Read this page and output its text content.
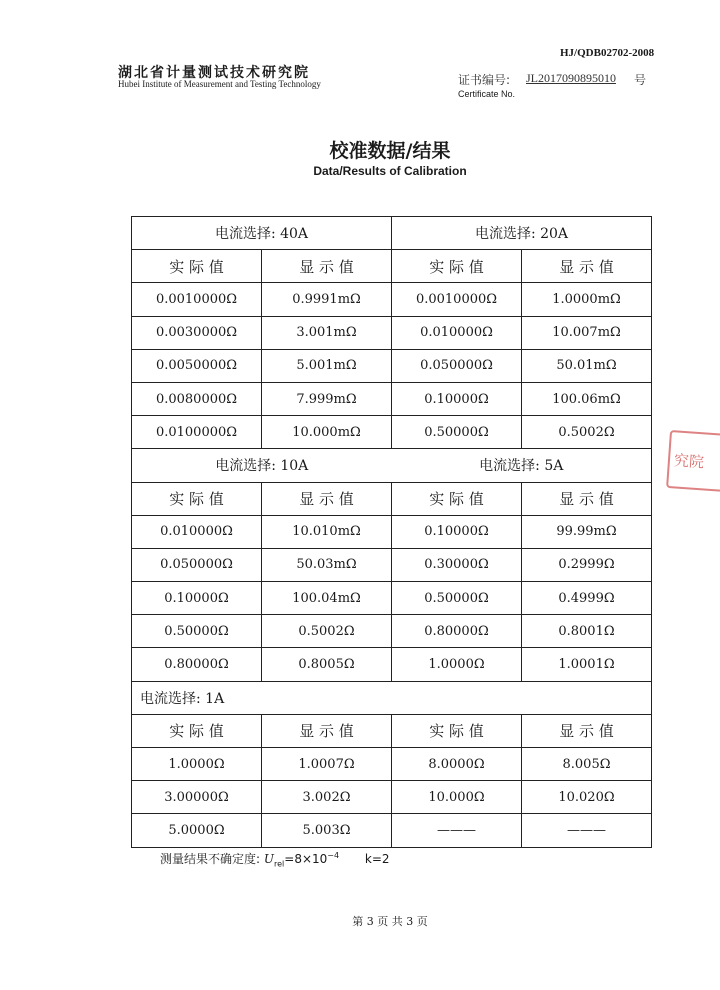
HJ/QDB02702-2008
湖北省计量测试技术研究院
Hubei Institute of Measurement and Testing Technology	证书编号: JL2017090895010 号
Certificate No.
校准数据/结果
Data/Results of Calibration
电流选择: 40A		电流选择: 20A	
实 际 值	显 示 值	实 际 值	显 示 值
0.0010000Ω	0.9991mΩ	0.0010000Ω	1.0000mΩ
0.0030000Ω	3.001mΩ	0.010000Ω	10.007mΩ
0.0050000Ω	5.001mΩ	0.050000Ω	50.01mΩ
0.0080000Ω	7.999mΩ	0.10000Ω	100.06mΩ
0.0100000Ω	10.000mΩ	0.50000Ω	0.5002Ω
电流选择: 10A		电流选择: 5A	
实 际 值	显 示 值	实 际 值	显 示 值
0.010000Ω	10.010mΩ	0.10000Ω	99.99mΩ
0.050000Ω	50.03mΩ	0.30000Ω	0.2999Ω
0.10000Ω	100.04mΩ	0.50000Ω	0.4999Ω
0.50000Ω	0.5002Ω	0.80000Ω	0.8001Ω
0.80000Ω	0.8005Ω	1.0000Ω	1.0001Ω
电流选择: 1A			
实 际 值	显 示 值	实 际 值	显 示 值
1.0000Ω	1.0007Ω	8.0000Ω	8.005Ω
3.00000Ω	3.002Ω	10.000Ω	10.020Ω
5.0000Ω	5.003Ω	———	———
测量结果不确定度: $U_{rel}=8\times 10^{-4}$ k=2
第 3 页 共 3 页
究院
